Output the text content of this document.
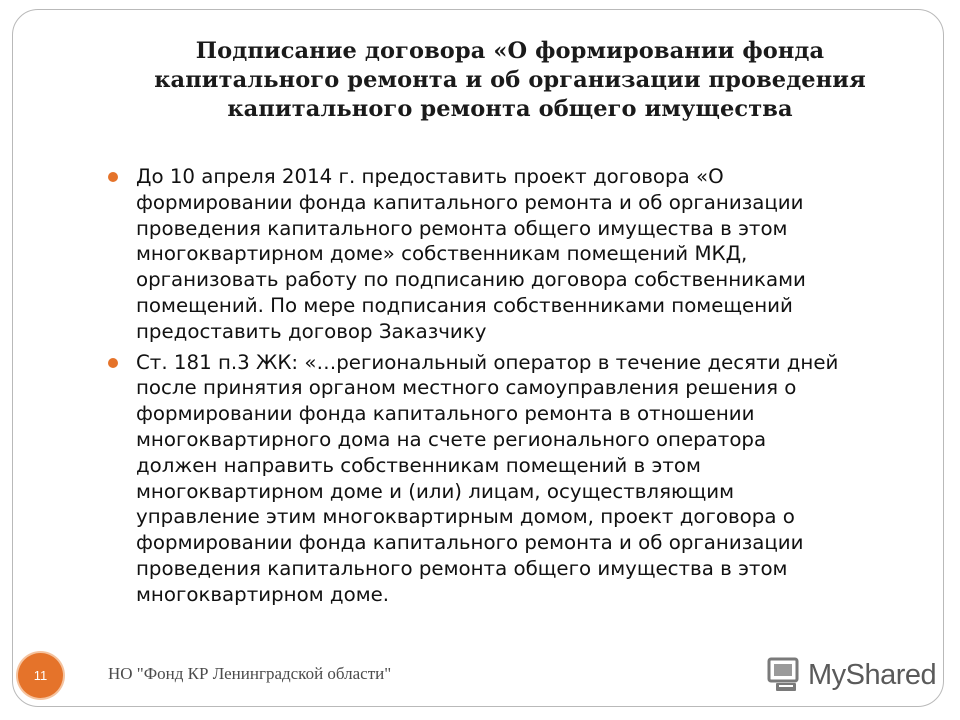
Подписание договора «О формировании фонда
капитального ремонта и об организации проведения
капитального ремонта общего имущества
До 10 апреля 2014 г. предоставить проект договора «О
формировании фонда капитального ремонта и об организации
проведения капитального ремонта общего имущества в этом
многоквартирном доме» собственникам помещений МКД,
организовать работу по подписанию договора собственниками
помещений. По мере подписания собственниками помещений
предоставить договор Заказчику
Ст. 181 п.3 ЖК: «…региональный оператор в течение десяти дней
после принятия органом местного самоуправления решения о
формировании фонда капитального ремонта в отношении
многоквартирного дома на счете регионального оператора
должен направить собственникам помещений в этом
многоквартирном доме и (или) лицам, осуществляющим
управление этим многоквартирным домом, проект договора о
формировании фонда капитального ремонта и об организации
проведения капитального ремонта общего имущества в этом
многоквартирном доме.
11	НО "Фонд КР Ленинградской области"	MyShared
